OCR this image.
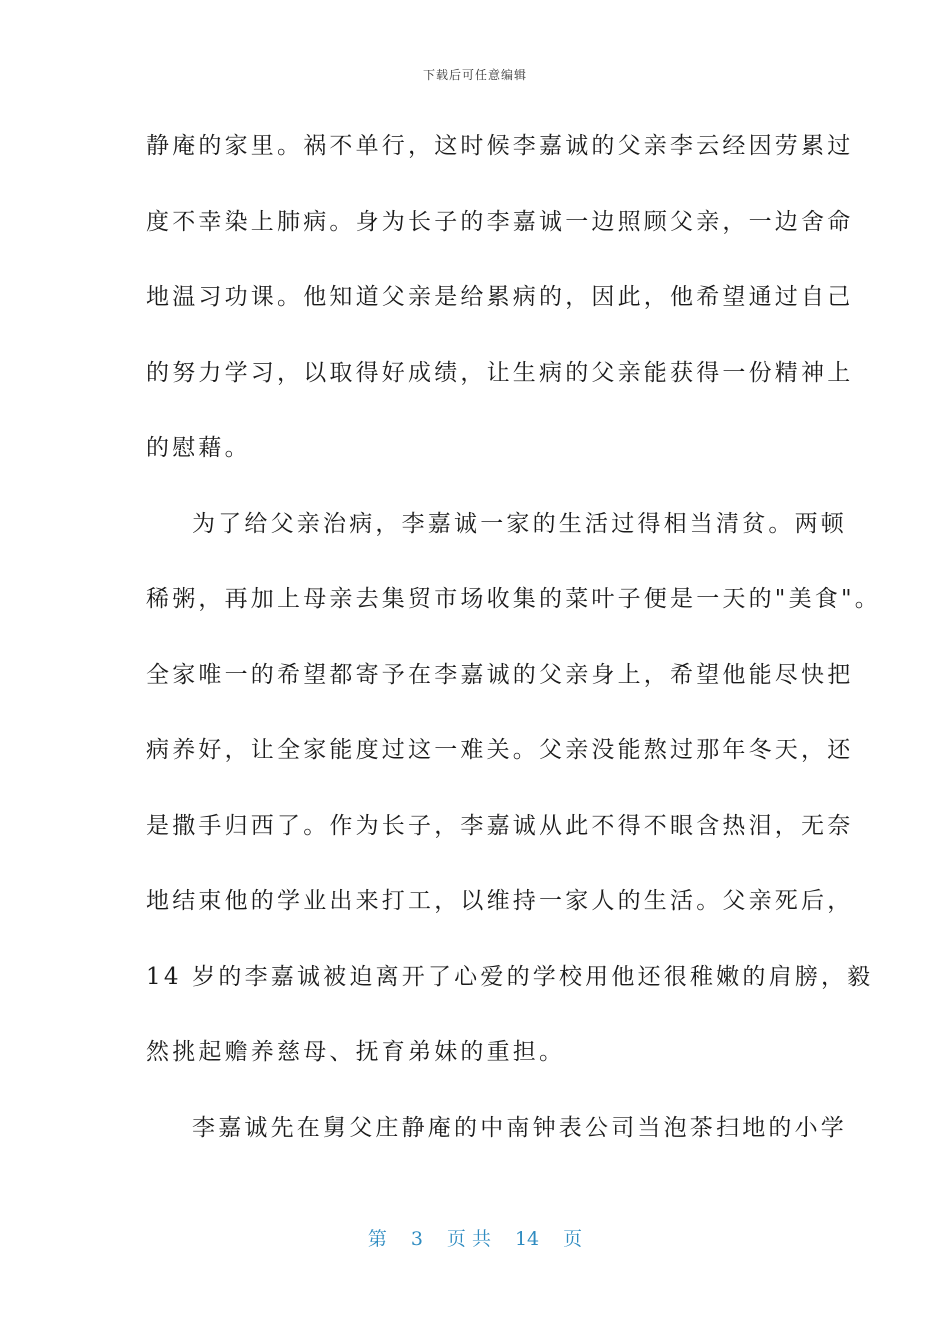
下载后可任意编辑
静庵的家里。祸不单行，这时候李嘉诚的父亲李云经因劳累过
度不幸染上肺病。身为长子的李嘉诚一边照顾父亲，一边舍命
地温习功课。他知道父亲是给累病的，因此，他希望通过自己
的努力学习，以取得好成绩，让生病的父亲能获得一份精神上
的慰藉。
为了给父亲治病，李嘉诚一家的生活过得相当清贫。两顿
稀粥，再加上母亲去集贸市场收集的菜叶子便是一天的"美食"。
全家唯一的希望都寄予在李嘉诚的父亲身上，希望他能尽快把
病养好，让全家能度过这一难关。父亲没能熬过那年冬天，还
是撒手归西了。作为长子，李嘉诚从此不得不眼含热泪，无奈
地结束他的学业出来打工，以维持一家人的生活。父亲死后，
14 岁的李嘉诚被迫离开了心爱的学校用他还很稚嫩的肩膀，毅
然挑起赡养慈母、抚育弟妹的重担。
李嘉诚先在舅父庄静庵的中南钟表公司当泡茶扫地的小学
第 3 页 共 14 页
